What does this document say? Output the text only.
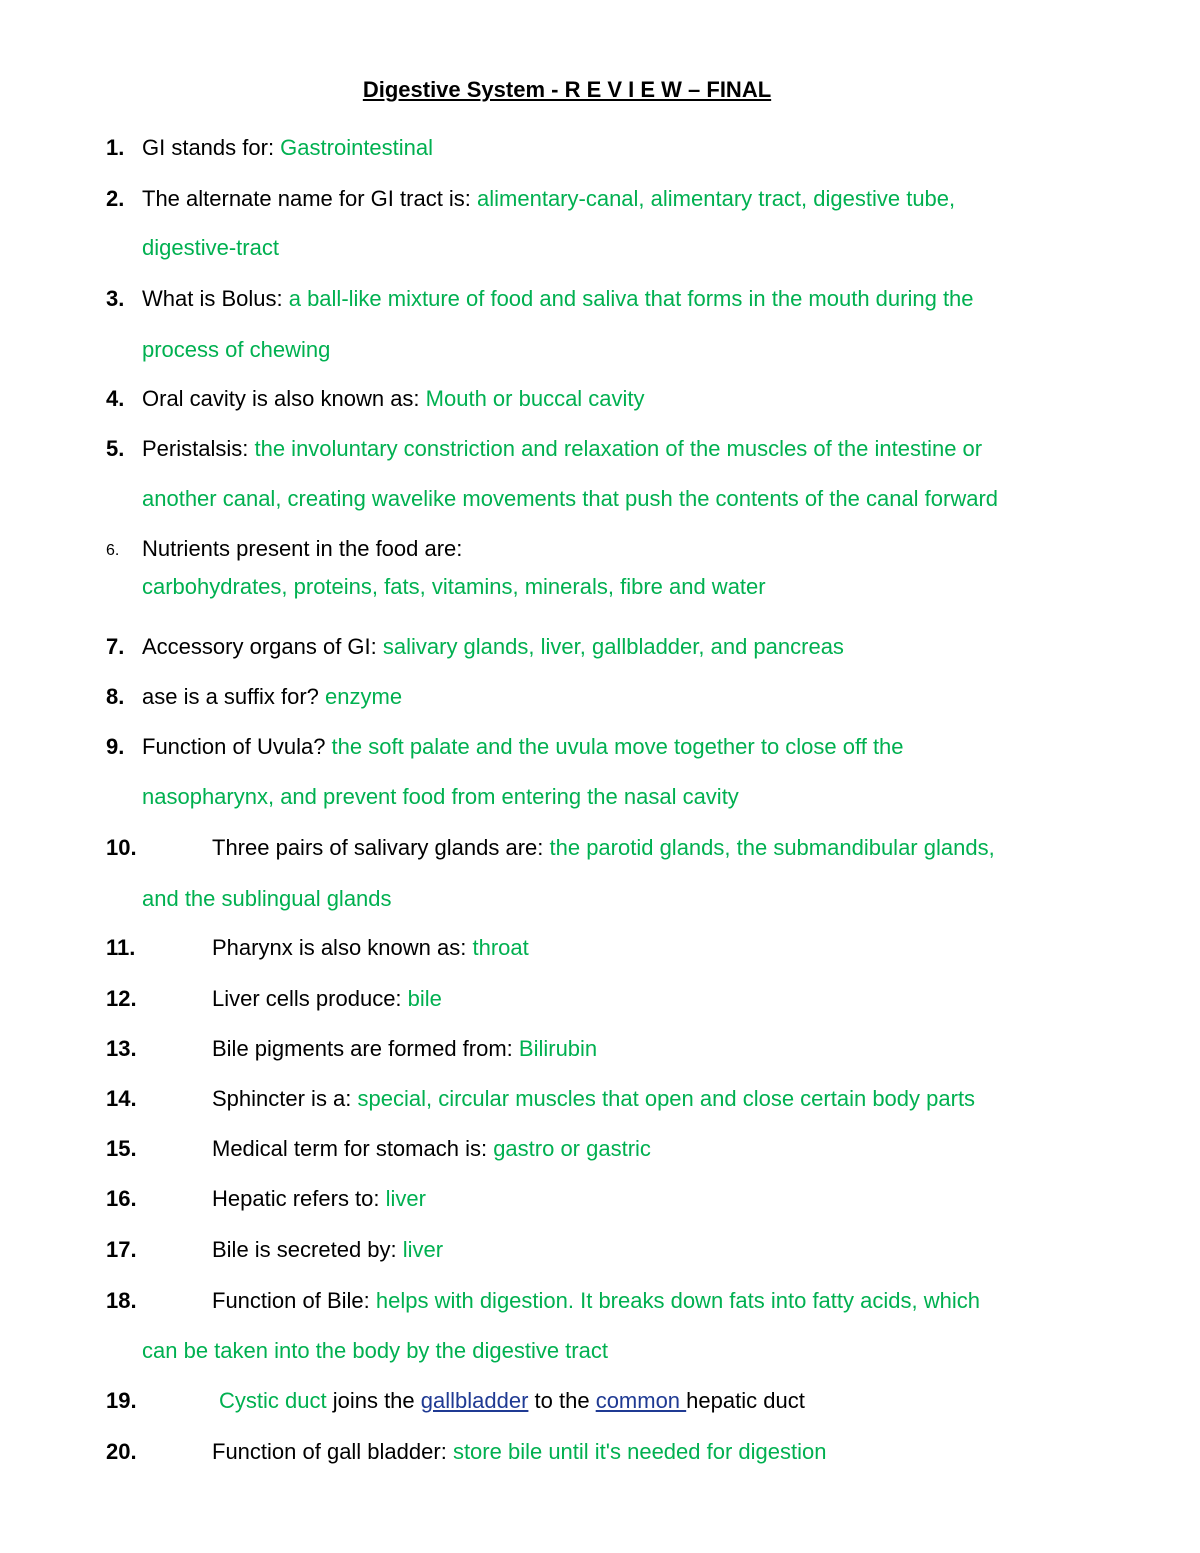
Digestive System - R E V I E W – FINAL
1. GI stands for: Gastrointestinal
2. The alternate name for GI tract is: alimentary-canal, alimentary tract, digestive tube,
digestive-tract
3. What is Bolus: a ball-like mixture of food and saliva that forms in the mouth during the
process of chewing
4. Oral cavity is also known as: Mouth or buccal cavity
5. Peristalsis: the involuntary constriction and relaxation of the muscles of the intestine or
another canal, creating wavelike movements that push the contents of the canal forward
6. Nutrients present in the food are:
carbohydrates, proteins, fats, vitamins, minerals, fibre and water
7. Accessory organs of GI: salivary glands, liver, gallbladder, and pancreas
8. ase is a suffix for? enzyme
9. Function of Uvula? the soft palate and the uvula move together to close off the
nasopharynx, and prevent food from entering the nasal cavity
10.	Three pairs of salivary glands are: the parotid glands, the submandibular glands,
and the sublingual glands
11.	Pharynx is also known as: throat
12.	Liver cells produce: bile
13.	Bile pigments are formed from: Bilirubin
14.	Sphincter is a: special, circular muscles that open and close certain body parts
15.	Medical term for stomach is: gastro or gastric
16.	Hepatic refers to: liver
17.	Bile is secreted by: liver
18.	Function of Bile: helps with digestion. It breaks down fats into fatty acids, which
can be taken into the body by the digestive tract
19.	Cystic duct joins the gallbladder to the common hepatic duct
20.	Function of gall bladder: store bile until it's needed for digestion
